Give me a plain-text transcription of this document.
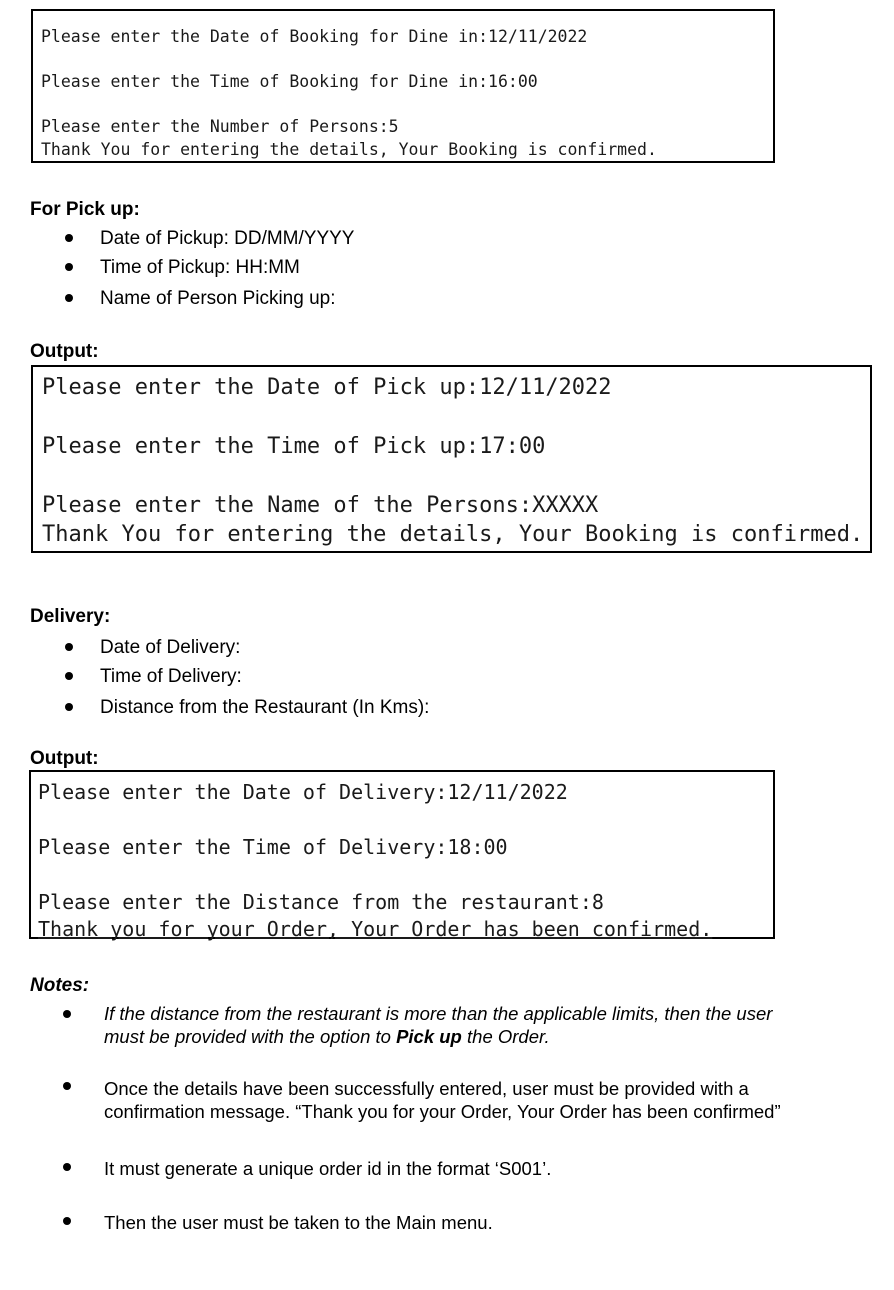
Please enter the Date of Booking for Dine in:12/11/2022

Please enter the Time of Booking for Dine in:16:00

Please enter the Number of Persons:5

Thank You for entering the details, Your Booking is confirmed.

For Pick up:
Date of Pickup: DD/MM/YYYY
Time of Pickup: HH:MM
Name of Person Picking up:
Output:

Please enter the Date of Pick up:12/11/2022

Please enter the Time of Pick up:17:00

Please enter the Name of the Persons:XXXXX

Thank You for entering the details, Your Booking is confirmed.

Delivery:
Date of Delivery:
Time of Delivery:
Distance from the Restaurant (In Kms):
Output:

Please enter the Date of Delivery:12/11/2022

Please enter the Time of Delivery:18:00

Please enter the Distance from the restaurant:8

Thank you for your Order, Your Order has been confirmed.

Notes:
If the distance from the restaurant is more than the applicable limits, then the user
must be provided with the option to Pick up the Order.
Once the details have been successfully entered, user must be provided with a
confirmation message. “Thank you for your Order, Your Order has been confirmed”
It must generate a unique order id in the format ‘S001’.
Then the user must be taken to the Main menu.
